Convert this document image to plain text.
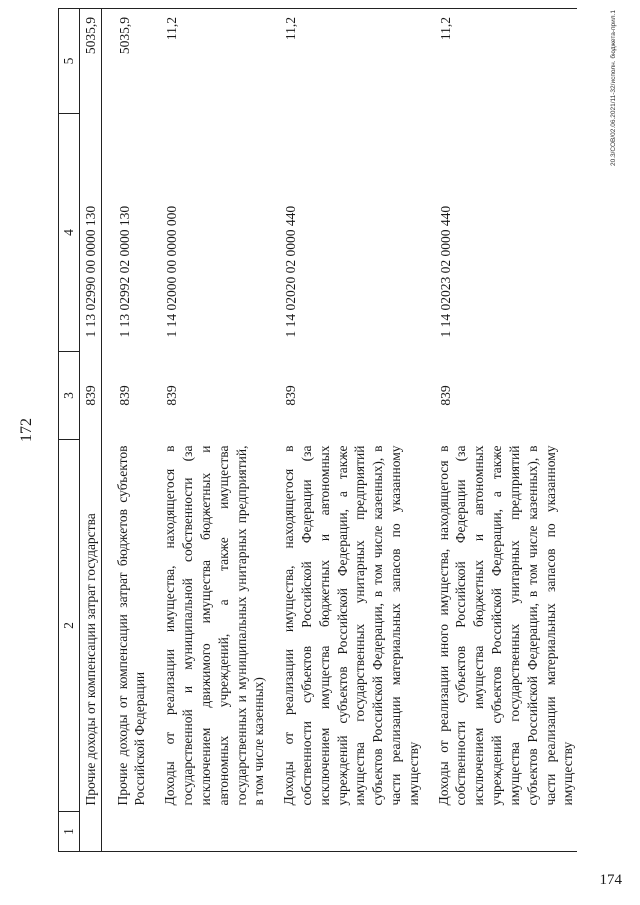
172
1	2	3	4	5
	Прочие доходы от компенсации затрат государства	839	1 13 02990 00 0000 130	5035,9
	Прочие доходы от компенсации затрат бюджетов субъектов Российской Федерации	839	1 13 02992 02 0000 130	5035,9
	Доходы от реализации имущества, находящегося в государственной и муниципальной собственности (за исключением движимого имущества бюджетных и автономных учреждений, а также имущества государственных и муниципальных унитарных предприятий, в том числе казенных)	839	1 14 02000 00 0000 000	11,2
	Доходы от реализации имущества, находящегося в собственности субъектов Российской Федерации (за исключением имущества бюджетных и автономных учреждений субъектов Российской Федерации, а также имущества государственных унитарных предприятий субъектов Российской Федерации, в том числе казенных), в части реализации материальных запасов по указанному имуществу	839	1 14 02020 02 0000 440	11,2
	Доходы от реализации иного имущества, находящегося в собственности субъектов Российской Федерации (за исключением имущества бюджетных и автономных учреждений субъектов Российской Федерации, а также имущества государственных унитарных предприятий субъектов Российской Федерации, в том числе казенных), в части реализации материальных запасов по указанному имуществу	839	1 14 02023 02 0000 440	11,2	20.3/СОВ/02.06.2021/11-32/исполн. бюджета-прил.1
174
